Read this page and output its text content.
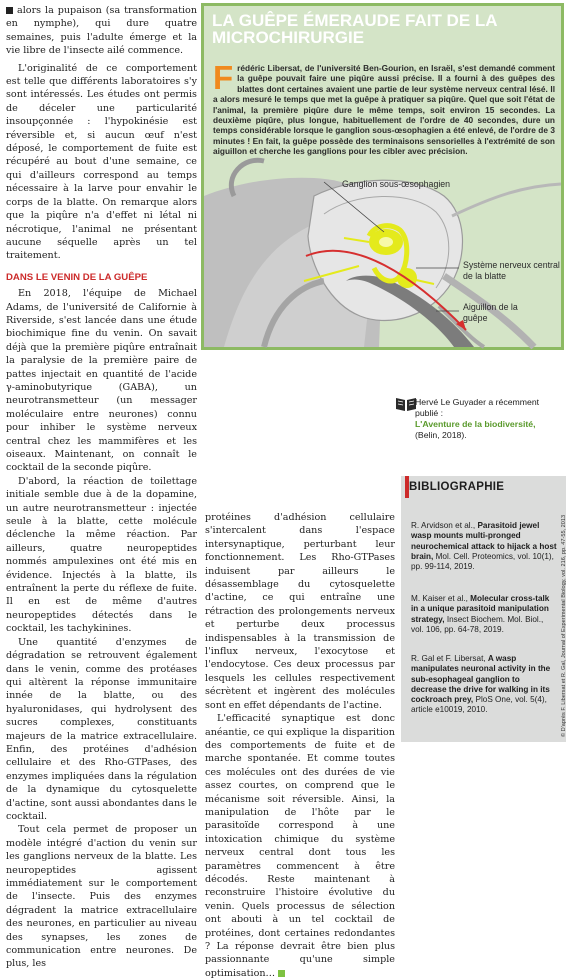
alors la pupaison (sa transformation en nymphe), qui dure quatre semaines, puis l'adulte émerge et la vie libre de l'insecte ailé commence.

L'originalité de ce comportement est telle que différents laboratoires s'y sont intéressés. Les études ont permis de déceler une particularité insoupçonnée : l'hypokinésie est réversible et, si aucun œuf n'est déposé, le comportement de fuite est récupéré au bout d'une semaine, ce qui d'ailleurs correspond au temps nécessaire à la larve pour envahir le corps de la blatte. On remarque alors que la piqûre n'a d'effet ni létal ni nécrotique, l'animal ne présentant aucune séquelle après un tel traitement.

DANS LE VENIN DE LA GUÊPE

En 2018, l'équipe de Michael Adams, de l'université de Californie à Riverside, s'est lancée dans une étude biochimique fine du venin. On savait déjà que la première piqûre entraînait la paralysie de la première paire de pattes injectait en quantité de l'acide γ-aminobutyrique (GABA), un neurotransmetteur (un messager moléculaire entre neurones) connu pour inhiber le système nerveux central chez les mammifères et les oiseaux. Maintenant, on connaît le cocktail de la seconde piqûre.

D'abord, la réaction de toilettage initiale semble due à de la dopamine, un autre neurotransmetteur : injectée seule à la blatte, cette molécule déclenche la même réaction. Par ailleurs, quatre neuropeptides nommés ampulexines ont été mis en évidence. Injectés à la blatte, ils entraînent la perte du réflexe de fuite. Il en est de même d'autres neuropeptides détectés dans le cocktail, les tachykinines.

Une quantité d'enzymes de dégradation se retrouvent également dans le venin, comme des protéases qui altèrent la réponse immunitaire innée de la blatte, ou des hyaluronidases, qui hydrolysent des sucres complexes, constituants majeurs de la matrice extracellulaire. Enfin, des protéines d'adhésion cellulaire et des Rho-GTPases, des enzymes impliquées dans la régulation de la dynamique du cytosquelette d'actine, sont aussi abondantes dans le cocktail.

Tout cela permet de proposer un modèle intégré d'action du venin sur les ganglions nerveux de la blatte. Les neuropeptides agissent immédiatement sur le comportement de l'insecte. Puis des enzymes dégradent la matrice extracellulaire des neurones, en particulier au niveau des synapses, les zones de communication entre neurones. De plus, les

protéines d'adhésion cellulaire s'intercalent dans l'espace intersynaptique, perturbant leur fonctionnement. Les Rho-GTPases induisent par ailleurs le désassemblage du cytosquelette d'actine, ce qui entraîne une rétraction des prolongements nerveux et perturbe deux processus indispensables à la transmission de l'influx nerveux, l'exocytose et l'endocytose. Ces deux processus par lesquels les cellules respectivement sécrètent et ingèrent des molécules sont en effet dépendants de l'actine.

L'efficacité synaptique est donc anéantie, ce qui explique la disparition des comportements de fuite et de marche spontanée. Et comme toutes ces molécules ont des durées de vie assez courtes, on comprend que le mécanisme soit réversible. Ainsi, la manipulation de l'hôte par le parasitoïde correspond à une intoxication chimique du système nerveux central dont tous les paramètres commencent à être décodés. Reste maintenant à reconstruire l'histoire évolutive du venin. Quels processus de sélection ont abouti à un tel cocktail de protéines, dont certaines redondantes ? La réponse devrait être bien plus passionnante qu'une simple optimisation…

LA GUÊPE ÉMERAUDE FAIT DE LA MICROCHIRURGIE
Frédéric Libersat, de l'université Ben-Gourion, en Israël, s'est demandé comment la guêpe pouvait faire une piqûre aussi précise. Il a fourni à des guêpes des blattes dont certaines avaient une partie de leur système nerveux central lésé. Il a alors mesuré le temps que met la guêpe à pratiquer sa piqûre. Quel que soit l'état de l'animal, la première piqûre dure le même temps, soit environ 15 secondes. La deuxième piqûre, plus longue, habituellement de l'ordre de 40 secondes, dure un temps considérable lorsque le ganglion sous-œsophagien a été enlevé, de l'ordre de 3 minutes ! En fait, la guêpe possède des terminaisons sensorielles à l'extrémité de son aiguillon et cherche les ganglions pour les cibler avec précision.
Ganglion sous-œsophagien
Système nerveux central de la blatte
Aiguillon de la guêpe
Hervé Le Guyader a récemment publié :
L'Aventure de la biodiversité,
(Belin, 2018).
BIBLIOGRAPHIE
R. Arvidson et al., Parasitoid jewel wasp mounts multi-pronged neurochemical attack to hijack a host brain, Mol. Cell. Proteomics, vol. 10(1), pp. 99-114, 2019.
M. Kaiser et al., Molecular cross-talk in a unique parasitoid manipulation strategy, Insect Biochem. Mol. Biol., vol. 106, pp. 64-78, 2019.
R. Gal et F. Libersat, A wasp manipulates neuronal activity in the sub-esophageal ganglion to decrease the drive for walking in its cockroach prey, PloS One, vol. 5(4), article e10019, 2010.	© D'après F. Libersat et R. Gal, Journal of Experimental Biology, vol. 216, pp. 47-55, 2013
